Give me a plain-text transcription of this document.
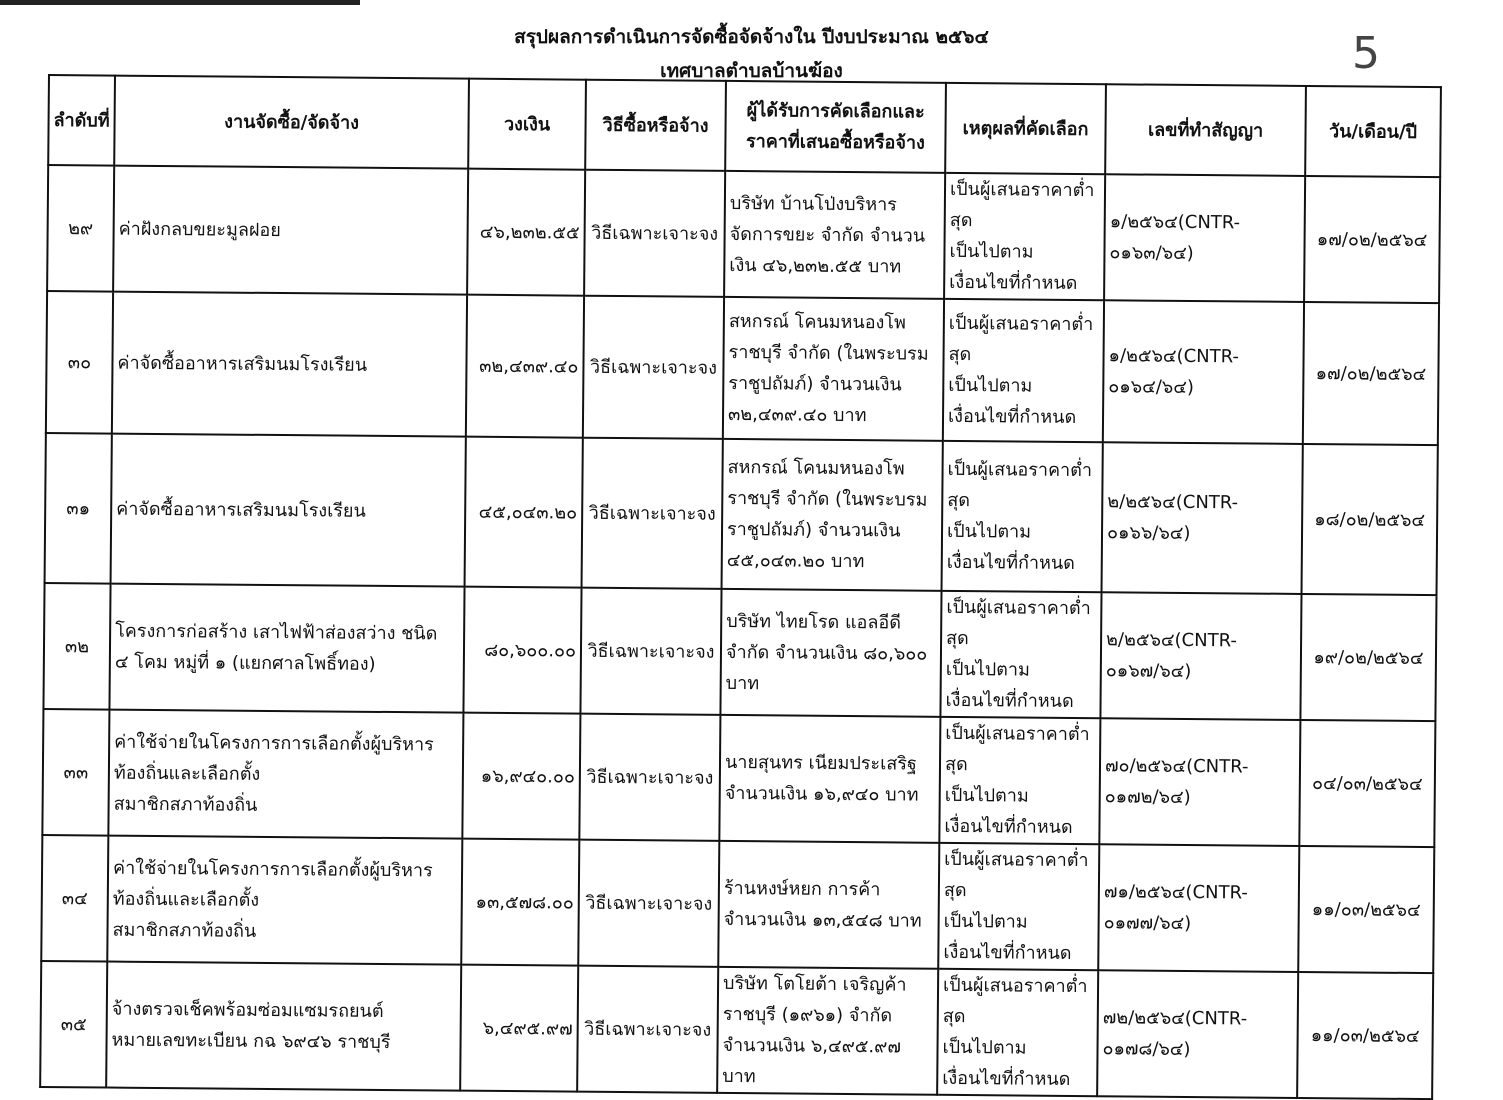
สรุปผลการดำเนินการจัดซื้อจัดจ้างใน ปีงบประมาณ ๒๕๖๔
เทศบาลตำบลบ้านฆ้อง	5
ลำดับที่	งานจัดซื้อ/จัดจ้าง	วงเงิน	วิธีซื้อหรือจ้าง	ผู้ได้รับการคัดเลือกและ
ราคาที่เสนอซื้อหรือจ้าง	เหตุผลที่คัดเลือก	เลขที่ทำสัญญา	วัน/เดือน/ปี
๒๙	ค่าฝังกลบขยะมูลฝอย	๔๖,๒๓๒.๕๕	วิธีเฉพาะเจาะจง	บริษัท บ้านโป่งบริหาร
จัดการขยะ จำกัด จำนวน
เงิน ๔๖,๒๓๒.๕๕ บาท	เป็นผู้เสนอราคาต่ำสุด
เป็นไปตาม
เงื่อนไขที่กำหนด	๑/๒๕๖๔(CNTR-
๐๑๖๓/๖๔)	๑๗/๐๒/๒๕๖๔
๓๐	ค่าจัดซื้ออาหารเสริมนมโรงเรียน	๓๒,๔๓๙.๔๐	วิธีเฉพาะเจาะจง	สหกรณ์ โคนมหนองโพ
ราชบุรี จำกัด (ในพระบรม
ราชูปถัมภ์) จำนวนเงิน
๓๒,๔๓๙.๔๐ บาท	เป็นผู้เสนอราคาต่ำสุด
เป็นไปตาม
เงื่อนไขที่กำหนด	๑/๒๕๖๔(CNTR-
๐๑๖๔/๖๔)	๑๗/๐๒/๒๕๖๔
๓๑	ค่าจัดซื้ออาหารเสริมนมโรงเรียน	๔๕,๐๔๓.๒๐	วิธีเฉพาะเจาะจง	สหกรณ์ โคนมหนองโพ
ราชบุรี จำกัด (ในพระบรม
ราชูปถัมภ์) จำนวนเงิน
๔๕,๐๔๓.๒๐ บาท	เป็นผู้เสนอราคาต่ำสุด
เป็นไปตาม
เงื่อนไขที่กำหนด	๒/๒๕๖๔(CNTR-
๐๑๖๖/๖๔)	๑๘/๐๒/๒๕๖๔
๓๒	โครงการก่อสร้าง เสาไฟฟ้าส่องสว่าง ชนิด
๔ โคม หมู่ที่ ๑ (แยกศาลโพธิ์ทอง)	๘๐,๖๐๐.๐๐	วิธีเฉพาะเจาะจง	บริษัท ไทยโรด แอลอีดี
จำกัด จำนวนเงิน ๘๐,๖๐๐
บาท	เป็นผู้เสนอราคาต่ำสุด
เป็นไปตาม
เงื่อนไขที่กำหนด	๒/๒๕๖๔(CNTR-
๐๑๖๗/๖๔)	๑๙/๐๒/๒๕๖๔
๓๓	ค่าใช้จ่ายในโครงการการเลือกตั้งผู้บริหาร
ท้องถิ่นและเลือกตั้ง
สมาชิกสภาท้องถิ่น	๑๖,๙๔๐.๐๐	วิธีเฉพาะเจาะจง	นายสุนทร เนียมประเสริฐ
จำนวนเงิน ๑๖,๙๔๐ บาท	เป็นผู้เสนอราคาต่ำสุด
เป็นไปตาม
เงื่อนไขที่กำหนด	๗๐/๒๕๖๔(CNTR-
๐๑๗๒/๖๔)	๐๔/๐๓/๒๕๖๔
๓๔	ค่าใช้จ่ายในโครงการการเลือกตั้งผู้บริหาร
ท้องถิ่นและเลือกตั้ง
สมาชิกสภาท้องถิ่น	๑๓,๕๗๘.๐๐	วิธีเฉพาะเจาะจง	ร้านหงษ์หยก การค้า
จำนวนเงิน ๑๓,๕๔๘ บาท	เป็นผู้เสนอราคาต่ำสุด
เป็นไปตาม
เงื่อนไขที่กำหนด	๗๑/๒๕๖๔(CNTR-
๐๑๗๗/๖๔)	๑๑/๐๓/๒๕๖๔
๓๕	จ้างตรวจเช็คพร้อมซ่อมแซมรถยนต์
หมายเลขทะเบียน กฉ ๖๙๔๖ ราชบุรี	๖,๔๙๕.๙๗	วิธีเฉพาะเจาะจง	บริษัท โตโยต้า เจริญค้า
ราชบุรี (๑๙๖๑) จำกัด
จำนวนเงิน ๖,๔๙๕.๙๗ บาท	เป็นผู้เสนอราคาต่ำสุด
เป็นไปตาม
เงื่อนไขที่กำหนด	๗๒/๒๕๖๔(CNTR-
๐๑๗๘/๖๔)	๑๑/๐๓/๒๕๖๔
